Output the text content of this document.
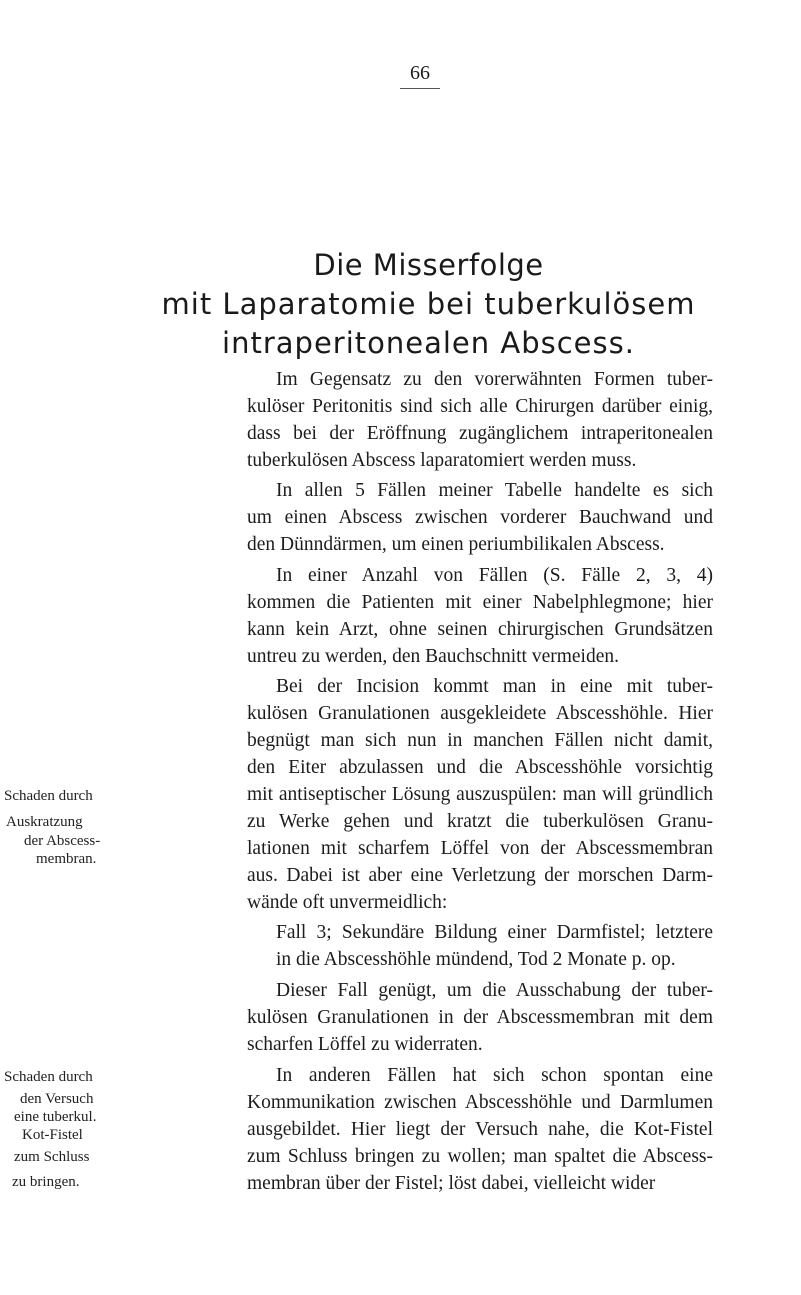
66
Die Misserfolge
mit Laparatomie bei tuberkulösem
intraperitonealen Abscess.
Im Gegensatz zu den vorerwähnten Formen tuber-
kulöser Peritonitis sind sich alle Chirurgen darüber einig,
dass bei der Eröffnung zugänglichem intraperitonealen
tuberkulösen Abscess laparatomiert werden muss.
In allen 5 Fällen meiner Tabelle handelte es sich
um einen Abscess zwischen vorderer Bauchwand und
den Dünndärmen, um einen periumbilikalen Abscess.
In einer Anzahl von Fällen (S. Fälle 2, 3, 4)
kommen die Patienten mit einer Nabelphlegmone; hier
kann kein Arzt, ohne seinen chirurgischen Grundsätzen
untreu zu werden, den Bauchschnitt vermeiden.
Bei der Incision kommt man in eine mit tuber-
kulösen Granulationen ausgekleidete Abscesshöhle. Hier
begnügt man sich nun in manchen Fällen nicht damit,
den Eiter abzulassen und die Abscesshöhle vorsichtig
mit antiseptischer Lösung auszuspülen: man will gründlich
zu Werke gehen und kratzt die tuberkulösen Granu-
lationen mit scharfem Löffel von der Abscessmembran
aus. Dabei ist aber eine Verletzung der morschen Darm-
wände oft unvermeidlich:
Fall 3; Sekundäre Bildung einer Darmfistel; letztere
in die Abscesshöhle mündend, Tod 2 Monate p. op.
Dieser Fall genügt, um die Ausschabung der tuber-
kulösen Granulationen in der Abscessmembran mit dem
scharfen Löffel zu widerraten.
In anderen Fällen hat sich schon spontan eine
Kommunikation zwischen Abscesshöhle und Darmlumen
ausgebildet. Hier liegt der Versuch nahe, die Kot-Fistel
zum Schluss bringen zu wollen; man spaltet die Abscess-
membran über der Fistel; löst dabei, vielleicht wider
Schaden durch
Auskratzung
der Abscess-
membran.
Schaden durch
den Versuch
eine tuberkul.
Kot-Fistel
zum Schluss
zu bringen.
